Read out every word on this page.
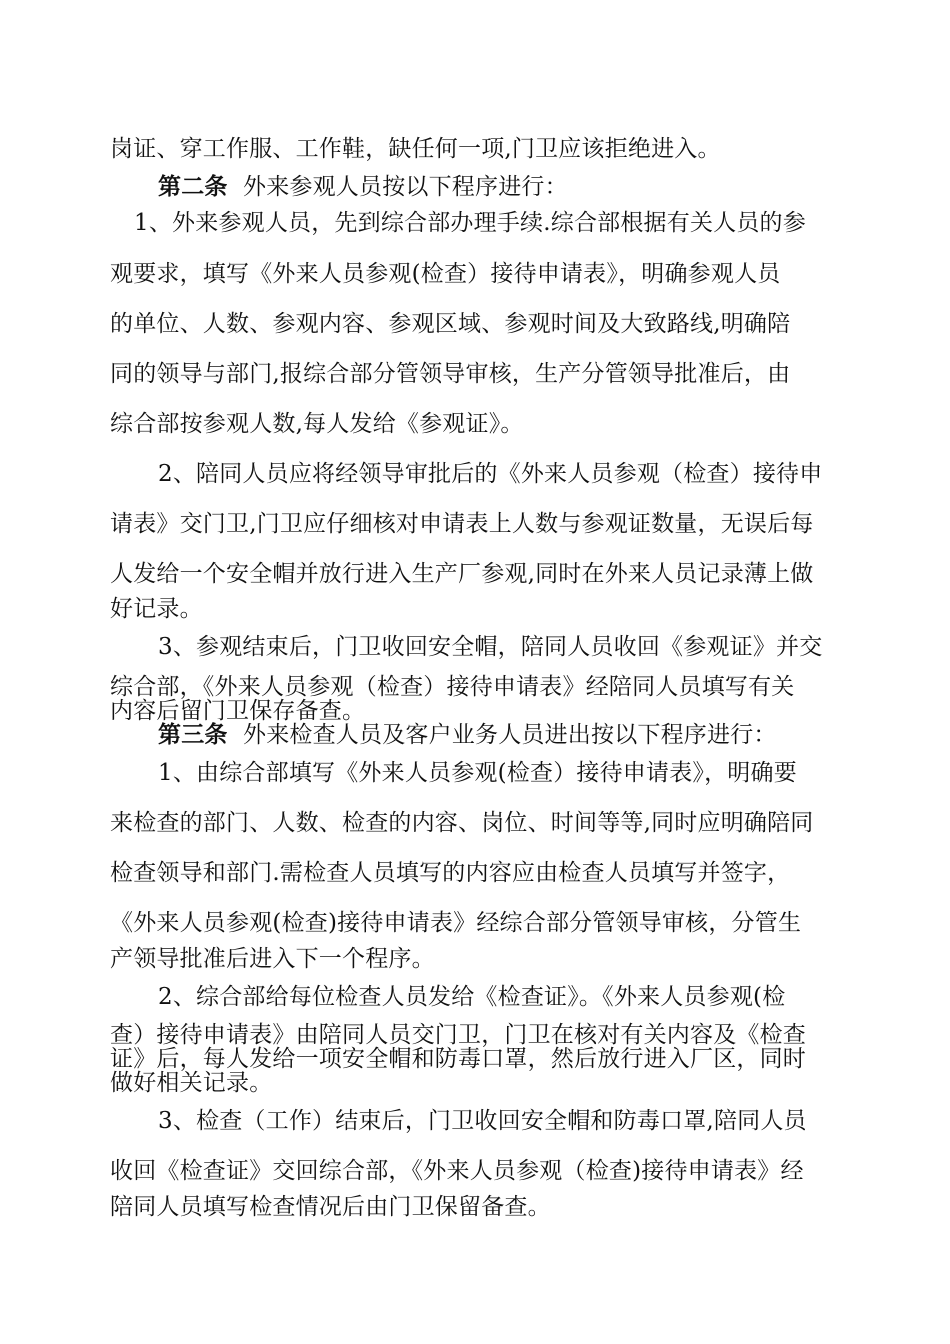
岗证、穿工作服、工作鞋，缺任何一项,门卫应该拒绝进入。
第二条 外来参观人员按以下程序进行：
1、外来参观人员，先到综合部办理手续.综合部根据有关人员的参
观要求，填写《外来人员参观(检查）接待申请表》，明确参观人员
的单位、人数、参观内容、参观区域、参观时间及大致路线,明确陪
同的领导与部门,报综合部分管领导审核，生产分管领导批准后，由
综合部按参观人数,每人发给《参观证》。
2、陪同人员应将经领导审批后的《外来人员参观（检查）接待申
请表》交门卫,门卫应仔细核对申请表上人数与参观证数量，无误后每
人发给一个安全帽并放行进入生产厂参观,同时在外来人员记录薄上做
好记录。
3、参观结束后，门卫收回安全帽，陪同人员收回《参观证》并交
综合部，《外来人员参观（检查）接待申请表》经陪同人员填写有关
内容后留门卫保存备查。
第三条 外来检查人员及客户业务人员进出按以下程序进行：
1、由综合部填写《外来人员参观(检查）接待申请表》，明确要
来检查的部门、人数、检查的内容、岗位、时间等等,同时应明确陪同
检查领导和部门.需检查人员填写的内容应由检查人员填写并签字，
《外来人员参观(检查)接待申请表》经综合部分管领导审核，分管生
产领导批准后进入下一个程序。
2、综合部给每位检查人员发给《检查证》。《外来人员参观(检
查）接待申请表》由陪同人员交门卫，门卫在核对有关内容及《检查
证》后，每人发给一项安全帽和防毒口罩，然后放行进入厂区，同时
做好相关记录。
3、检查（工作）结束后，门卫收回安全帽和防毒口罩,陪同人员
收回《检查证》交回综合部，《外来人员参观（检查)接待申请表》经
陪同人员填写检查情况后由门卫保留备查。
